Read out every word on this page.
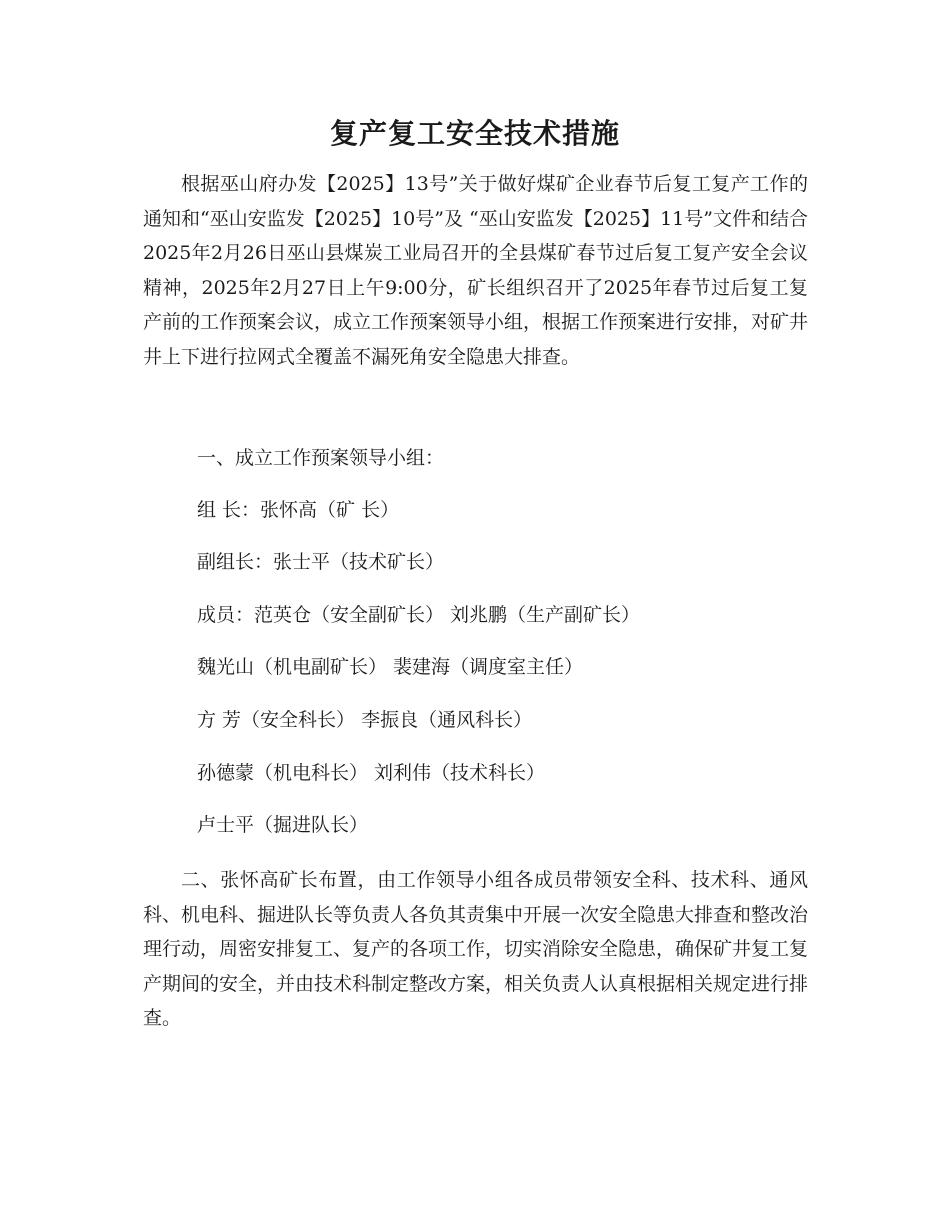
复产复工安全技术措施

根据巫山府办发【2025】13号”关于做好煤矿企业春节后复工复产工作的通知和“巫山安监发【2025】10号”及 “巫山安监发【2025】11号”文件和结合2025年2月26日巫山县煤炭工业局召开的全县煤矿春节过后复工复产安全会议精神，2025年2月27日上午9:00分，矿长组织召开了2025年春节过后复工复产前的工作预案会议，成立工作预案领导小组，根据工作预案进行安排，对矿井井上下进行拉网式全覆盖不漏死角安全隐患大排查。

一、成立工作预案领导小组：

组 长：张怀高（矿 长）

副组长：张士平（技术矿长）

成员：范英仓（安全副矿长） 刘兆鹏（生产副矿长）

魏光山（机电副矿长） 裴建海（调度室主任）

方 芳（安全科长） 李振良（通风科长）

孙德蒙（机电科长） 刘利伟（技术科长）

卢士平（掘进队长）

二、张怀高矿长布置，由工作领导小组各成员带领安全科、技术科、通风科、机电科、掘进队长等负责人各负其责集中开展一次安全隐患大排查和整改治理行动，周密安排复工、复产的各项工作，切实消除安全隐患，确保矿井复工复产期间的安全，并由技术科制定整改方案，相关负责人认真根据相关规定进行排查。
